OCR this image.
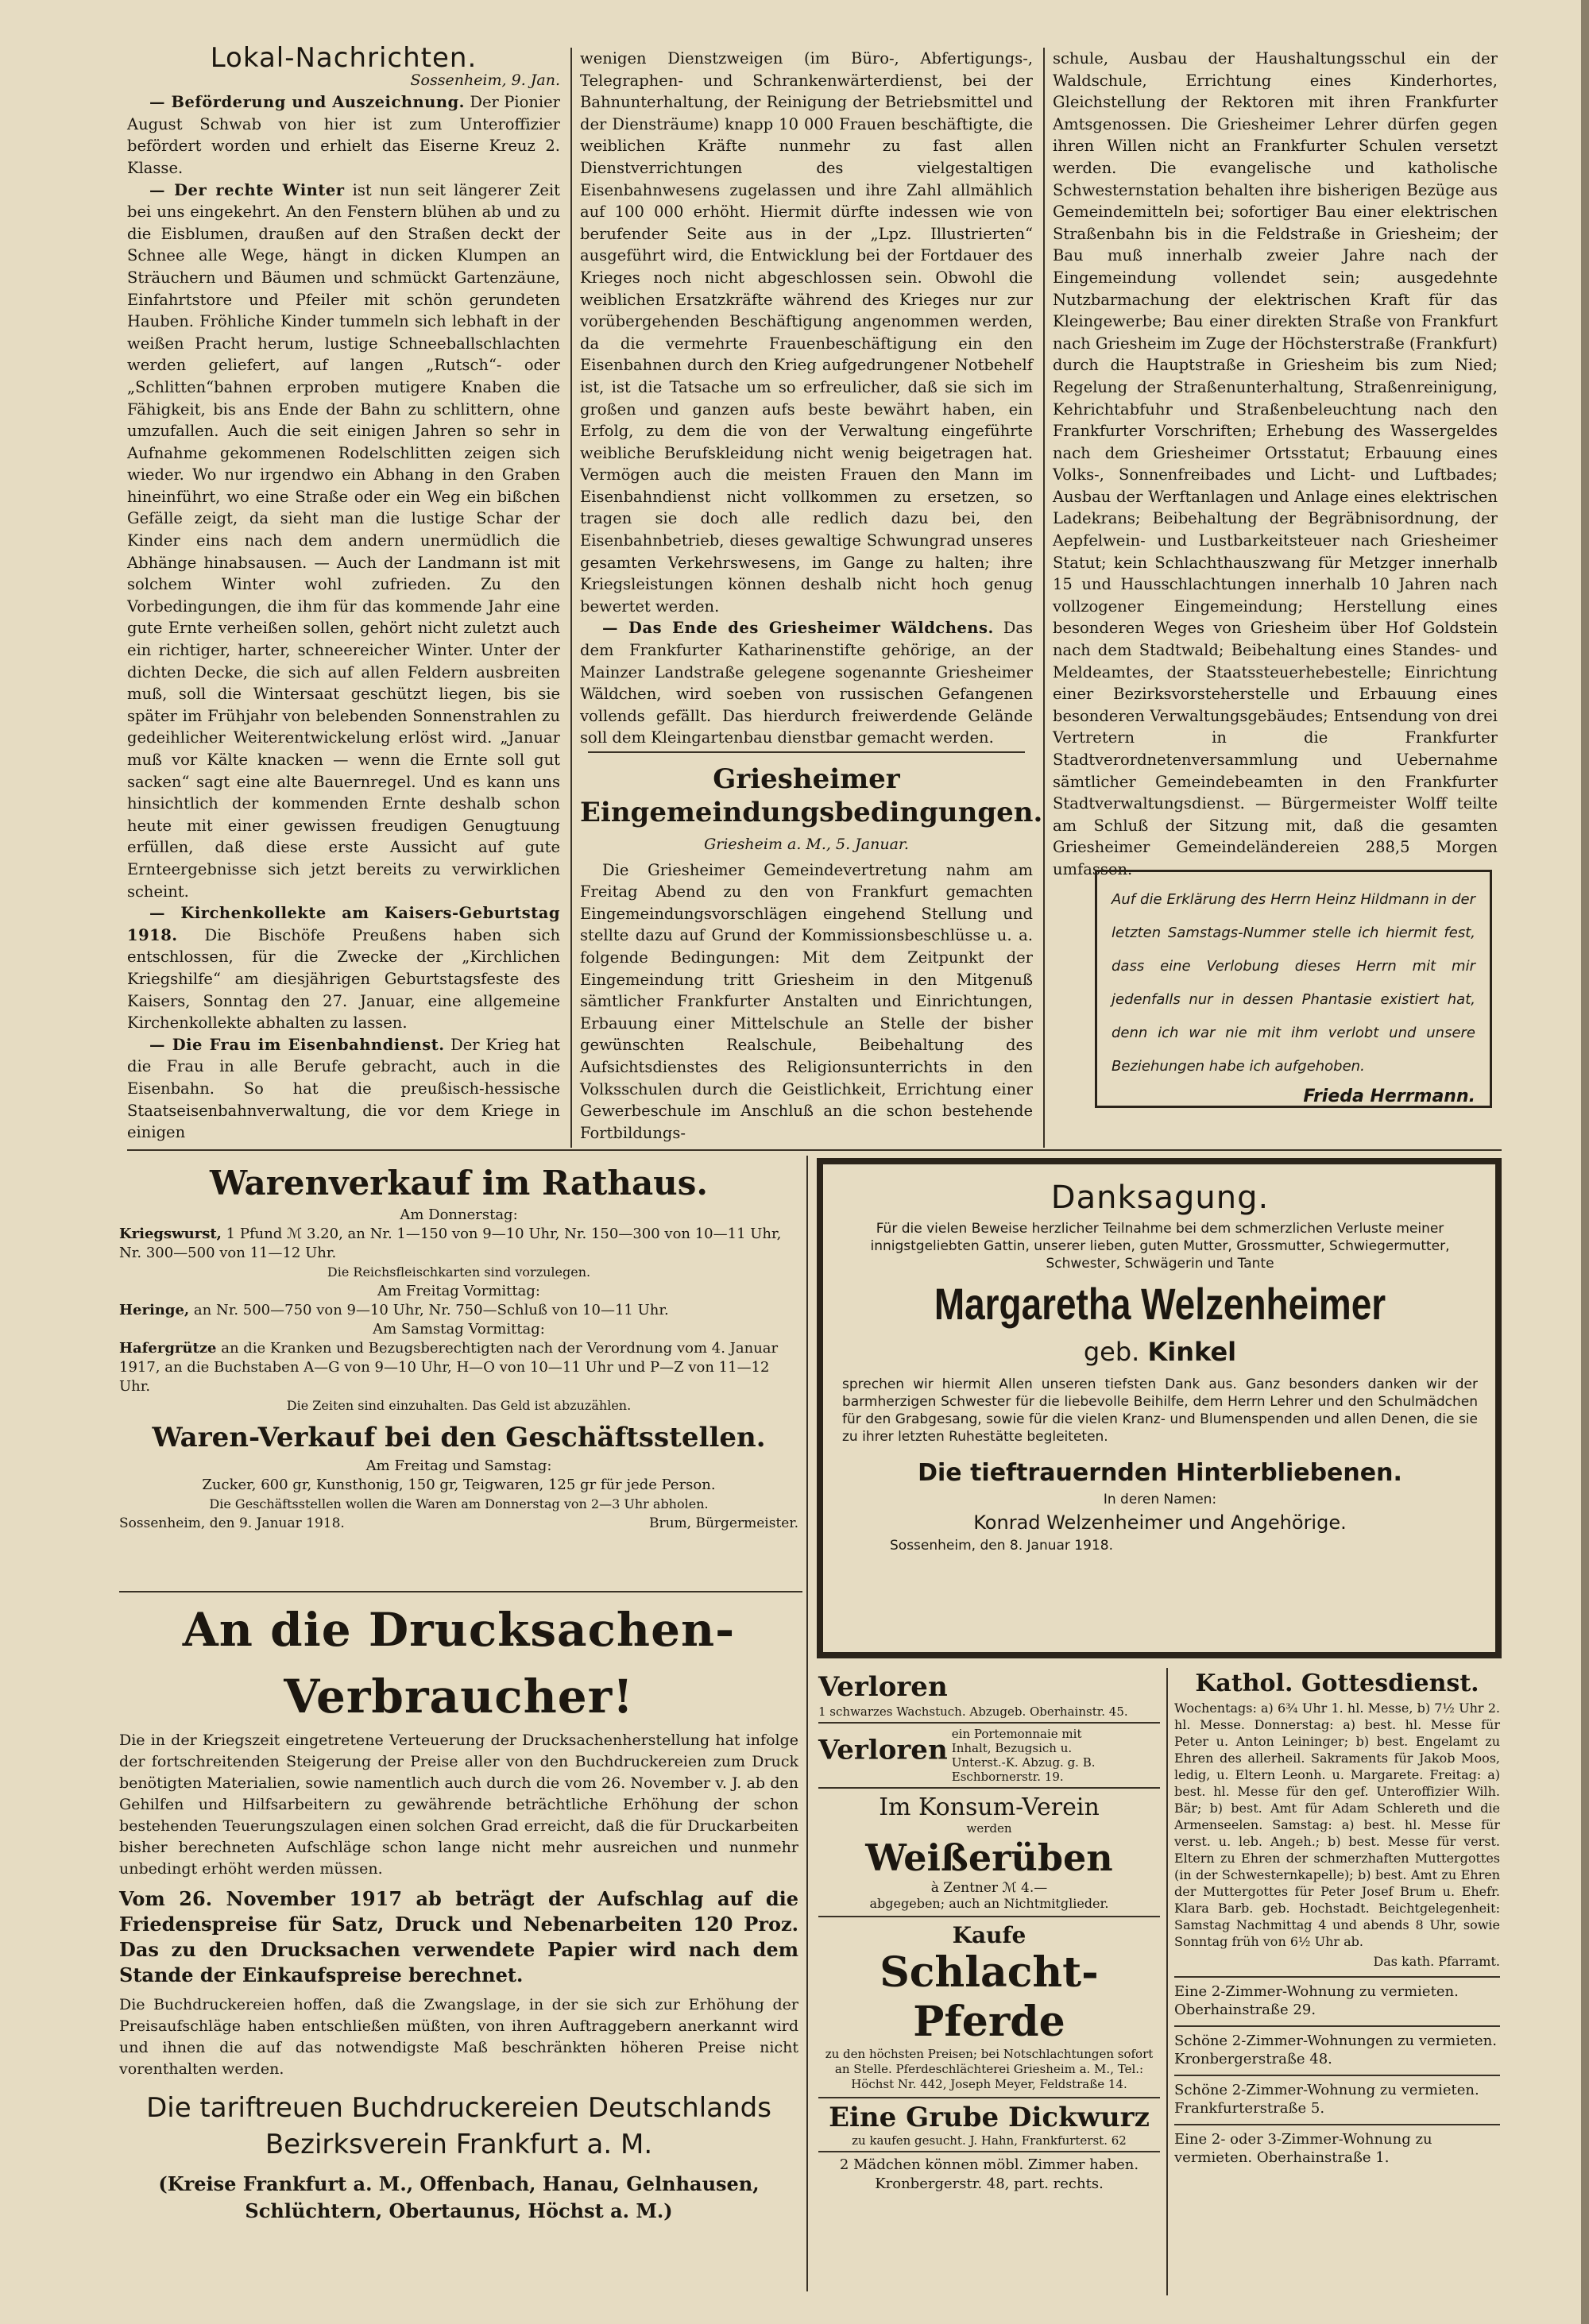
Lokal-Nachrichten.
Sossenheim, 9. Jan.

— Beförderung und Auszeichnung. Der Pionier August Schwab von hier ist zum Unteroffizier befördert worden und erhielt das Eiserne Kreuz 2. Klasse.

— Der rechte Winter ist nun seit längerer Zeit bei uns eingekehrt. An den Fenstern blühen ab und zu die Eisblumen, draußen auf den Straßen deckt der Schnee alle Wege, hängt in dicken Klumpen an Sträuchern und Bäumen und schmückt Gartenzäune, Einfahrtstore und Pfeiler mit schön gerundeten Hauben. Fröhliche Kinder tummeln sich lebhaft in der weißen Pracht herum, lustige Schneeballschlachten werden geliefert, auf langen „Rutsch“- oder „Schlitten“bahnen erproben mutigere Knaben die Fähigkeit, bis ans Ende der Bahn zu schlittern, ohne umzufallen. Auch die seit einigen Jahren so sehr in Aufnahme gekommenen Rodelschlitten zeigen sich wieder. Wo nur irgendwo ein Abhang in den Graben hineinführt, wo eine Straße oder ein Weg ein bißchen Gefälle zeigt, da sieht man die lustige Schar der Kinder eins nach dem andern unermüdlich die Abhänge hinabsausen. — Auch der Landmann ist mit solchem Winter wohl zufrieden. Zu den Vorbedingungen, die ihm für das kommende Jahr eine gute Ernte verheißen sollen, gehört nicht zuletzt auch ein richtiger, harter, schneereicher Winter. Unter der dichten Decke, die sich auf allen Feldern ausbreiten muß, soll die Wintersaat geschützt liegen, bis sie später im Frühjahr von belebenden Sonnenstrahlen zu gedeihlicher Weiterentwickelung erlöst wird. „Januar muß vor Kälte knacken — wenn die Ernte soll gut sacken“ sagt eine alte Bauernregel. Und es kann uns hinsichtlich der kommenden Ernte deshalb schon heute mit einer gewissen freudigen Genugtuung erfüllen, daß diese erste Aussicht auf gute Ernteergebnisse sich jetzt bereits zu verwirklichen scheint.

— Kirchenkollekte am Kaisers-Geburtstag 1918. Die Bischöfe Preußens haben sich entschlossen, für die Zwecke der „Kirchlichen Kriegshilfe“ am diesjährigen Geburtstagsfeste des Kaisers, Sonntag den 27. Januar, eine allgemeine Kirchenkollekte abhalten zu lassen.

— Die Frau im Eisenbahndienst. Der Krieg hat die Frau in alle Berufe gebracht, auch in die Eisenbahn. So hat die preußisch-hessische Staatseisenbahnverwaltung, die vor dem Kriege in einigen

wenigen Dienstzweigen (im Büro-, Abfertigungs-, Telegraphen- und Schrankenwärterdienst, bei der Bahnunterhaltung, der Reinigung der Betriebsmittel und der Diensträume) knapp 10 000 Frauen beschäftigte, die weiblichen Kräfte nunmehr zu fast allen Dienstverrichtungen des vielgestaltigen Eisenbahnwesens zugelassen und ihre Zahl allmählich auf 100 000 erhöht. Hiermit dürfte indessen wie von berufender Seite aus in der „Lpz. Illustrierten“ ausgeführt wird, die Entwicklung bei der Fortdauer des Krieges noch nicht abgeschlossen sein. Obwohl die weiblichen Ersatzkräfte während des Krieges nur zur vorübergehenden Beschäftigung angenommen werden, da die vermehrte Frauenbeschäftigung ein den Eisenbahnen durch den Krieg aufgedrungener Notbehelf ist, ist die Tatsache um so erfreulicher, daß sie sich im großen und ganzen aufs beste bewährt haben, ein Erfolg, zu dem die von der Verwaltung eingeführte weibliche Berufskleidung nicht wenig beigetragen hat. Vermögen auch die meisten Frauen den Mann im Eisenbahndienst nicht vollkommen zu ersetzen, so tragen sie doch alle redlich dazu bei, den Eisenbahnbetrieb, dieses gewaltige Schwungrad unseres gesamten Verkehrswesens, im Gange zu halten; ihre Kriegsleistungen können deshalb nicht hoch genug bewertet werden.

— Das Ende des Griesheimer Wäldchens. Das dem Frankfurter Katharinenstifte gehörige, an der Mainzer Landstraße gelegene sogenannte Griesheimer Wäldchen, wird soeben von russischen Gefangenen vollends gefällt. Das hierdurch freiwerdende Gelände soll dem Kleingartenbau dienstbar gemacht werden.

Griesheimer
Eingemeindungsbedingungen.
Griesheim a. M., 5. Januar.

Die Griesheimer Gemeindevertretung nahm am Freitag Abend zu den von Frankfurt gemachten Eingemeindungsvorschlägen eingehend Stellung und stellte dazu auf Grund der Kommissionsbeschlüsse u. a. folgende Bedingungen: Mit dem Zeitpunkt der Eingemeindung tritt Griesheim in den Mitgenuß sämtlicher Frankfurter Anstalten und Einrichtungen, Erbauung einer Mittelschule an Stelle der bisher gewünschten Realschule, Beibehaltung des Aufsichtsdienstes des Religionsunterrichts in den Volksschulen durch die Geistlichkeit, Errichtung einer Gewerbeschule im Anschluß an die schon bestehende Fortbildungs-

schule, Ausbau der Haushaltungsschul ein der Waldschule, Errichtung eines Kinderhortes, Gleichstellung der Rektoren mit ihren Frankfurter Amtsgenossen. Die Griesheimer Lehrer dürfen gegen ihren Willen nicht an Frankfurter Schulen versetzt werden. Die evangelische und katholische Schwesternstation behalten ihre bisherigen Bezüge aus Gemeindemitteln bei; sofortiger Bau einer elektrischen Straßenbahn bis in die Feldstraße in Griesheim; der Bau muß innerhalb zweier Jahre nach der Eingemeindung vollendet sein; ausgedehnte Nutzbarmachung der elektrischen Kraft für das Kleingewerbe; Bau einer direkten Straße von Frankfurt nach Griesheim im Zuge der Höchsterstraße (Frankfurt) durch die Hauptstraße in Griesheim bis zum Nied; Regelung der Straßenunterhaltung, Straßenreinigung, Kehrichtabfuhr und Straßenbeleuchtung nach den Frankfurter Vorschriften; Erhebung des Wassergeldes nach dem Griesheimer Ortsstatut; Erbauung eines Volks-, Sonnenfreibades und Licht- und Luftbades; Ausbau der Werftanlagen und Anlage eines elektrischen Ladekrans; Beibehaltung der Begräbnisordnung, der Aepfelwein- und Lustbarkeitsteuer nach Griesheimer Statut; kein Schlachthauszwang für Metzger innerhalb 15 und Hausschlachtungen innerhalb 10 Jahren nach vollzogener Eingemeindung; Herstellung eines besonderen Weges von Griesheim über Hof Goldstein nach dem Stadtwald; Beibehaltung eines Standes- und Meldeamtes, der Staatssteuerhebestelle; Einrichtung einer Bezirksvorsteherstelle und Erbauung eines besonderen Verwaltungsgebäudes; Entsendung von drei Vertretern in die Frankfurter Stadtverordnetenversammlung und Uebernahme sämtlicher Gemeindebeamten in den Frankfurter Stadtverwaltungsdienst. — Bürgermeister Wolff teilte am Schluß der Sitzung mit, daß die gesamten Griesheimer Gemeindeländereien 288,5 Morgen umfassen.

Auf die Erklärung des Herrn Heinz Hildmann in der letzten Samstags-Nummer stelle ich hiermit fest, dass eine Verlobung dieses Herrn mit mir jedenfalls nur in dessen Phantasie existiert hat, denn ich war nie mit ihm verlobt und unsere Beziehungen habe ich aufgehoben.
Frieda Herrmann.
Warenverkauf im Rathaus.
Am Donnerstag:
Kriegswurst, 1 Pfund ℳ 3.20, an Nr. 1—150 von 9—10 Uhr, Nr. 150—300 von 10—11 Uhr, Nr. 300—500 von 11—12 Uhr.
Die Reichsfleischkarten sind vorzulegen.
Am Freitag Vormittag:
Heringe, an Nr. 500—750 von 9—10 Uhr, Nr. 750—Schluß von 10—11 Uhr.
Am Samstag Vormittag:
Hafergrütze an die Kranken und Bezugsberechtigten nach der Verordnung vom 4. Januar 1917, an die Buchstaben A—G von 9—10 Uhr, H—O von 10—11 Uhr und P—Z von 11—12 Uhr.
Die Zeiten sind einzuhalten. Das Geld ist abzuzählen.
Waren-Verkauf bei den Geschäftsstellen.
Am Freitag und Samstag:
Zucker, 600 gr, Kunsthonig, 150 gr, Teigwaren, 125 gr für jede Person.
Die Geschäftsstellen wollen die Waren am Donnerstag von 2—3 Uhr abholen.
Sossenheim, den 9. Januar 1918.	Brum, Bürgermeister.
An die Drucksachen-Verbraucher!
Die in der Kriegszeit eingetretene Verteuerung der Drucksachenherstellung hat infolge der fortschreitenden Steigerung der Preise aller von den Buchdruckereien zum Druck benötigten Materialien, sowie namentlich auch durch die vom 26. November v. J. ab den Gehilfen und Hilfsarbeitern zu gewährende beträchtliche Erhöhung der schon bestehenden Teuerungszulagen einen solchen Grad erreicht, daß die für Druckarbeiten bisher berechneten Aufschläge schon lange nicht mehr ausreichen und nunmehr unbedingt erhöht werden müssen.
Vom 26. November 1917 ab beträgt der Aufschlag auf die Friedenspreise für Satz, Druck und Nebenarbeiten 120 Proz. Das zu den Drucksachen verwendete Papier wird nach dem Stande der Einkaufspreise berechnet.
Die Buchdruckereien hoffen, daß die Zwangslage, in der sie sich zur Erhöhung der Preisaufschläge haben entschließen müßten, von ihren Auftraggebern anerkannt wird und ihnen die auf das notwendigste Maß beschränkten höheren Preise nicht vorenthalten werden.
Die tariftreuen Buchdruckereien Deutschlands
Bezirksverein Frankfurt a. M.
(Kreise Frankfurt a. M., Offenbach, Hanau, Gelnhausen,
Schlüchtern, Obertaunus, Höchst a. M.)
Danksagung.
Für die vielen Beweise herzlicher Teilnahme bei dem schmerzlichen Verluste meiner innigstgeliebten Gattin, unserer lieben, guten Mutter, Grossmutter, Schwiegermutter, Schwester, Schwägerin und Tante
Margaretha Welzenheimer
geb. Kinkel
sprechen wir hiermit Allen unseren tiefsten Dank aus. Ganz besonders danken wir der barmherzigen Schwester für die liebevolle Beihilfe, dem Herrn Lehrer und den Schulmädchen für den Grabgesang, sowie für die vielen Kranz- und Blumenspenden und allen Denen, die sie zu ihrer letzten Ruhestätte begleiteten.
Die tieftrauernden Hinterbliebenen.
In deren Namen:
Konrad Welzenheimer und Angehörige.
Sossenheim, den 8. Januar 1918.
Verloren 1 schwarzes Wachstuch. Abzugeb. Oberhainstr. 45.
Verloren ein Portemonnaie mit Inhalt, Bezugsich u. Unterst.-K. Abzug. g. B. Eschbornerstr. 19.
Im Konsum-Verein
werden
Weißerüben
à Zentner ℳ 4.—
abgegeben; auch an Nichtmitglieder.
Kaufe
Schlacht-Pferde
zu den höchsten Preisen; bei Notschlachtungen sofort an Stelle. Pferdeschlächterei Griesheim a. M., Tel.: Höchst Nr. 442, Joseph Meyer, Feldstraße 14.
Eine Grube Dickwurz
zu kaufen gesucht. J. Hahn, Frankfurterst. 62
2 Mädchen können möbl. Zimmer haben. Kronbergerstr. 48, part. rechts.
Kathol. Gottesdienst.
Wochentags: a) 6¾ Uhr 1. hl. Messe, b) 7½ Uhr 2. hl. Messe. Donnerstag: a) best. hl. Messe für Peter u. Anton Leininger; b) best. Engelamt zu Ehren des allerheil. Sakraments für Jakob Moos, ledig, u. Eltern Leonh. u. Margarete. Freitag: a) best. hl. Messe für den gef. Unteroffizier Wilh. Bär; b) best. Amt für Adam Schlereth und die Armenseelen. Samstag: a) best. hl. Messe für verst. u. leb. Angeh.; b) best. Messe für verst. Eltern zu Ehren der schmerzhaften Muttergottes (in der Schwesternkapelle); b) best. Amt zu Ehren der Muttergottes für Peter Josef Brum u. Ehefr. Klara Barb. geb. Hochstadt. Beichtgelegenheit: Samstag Nachmittag 4 und abends 8 Uhr, sowie Sonntag früh von 6½ Uhr ab.
Das kath. Pfarramt.
Eine 2-Zimmer-Wohnung zu vermieten. Oberhainstraße 29.
Schöne 2-Zimmer-Wohnungen zu vermieten. Kronbergerstraße 48.
Schöne 2-Zimmer-Wohnung zu vermieten. Frankfurterstraße 5.
Eine 2- oder 3-Zimmer-Wohnung zu vermieten. Oberhainstraße 1.
